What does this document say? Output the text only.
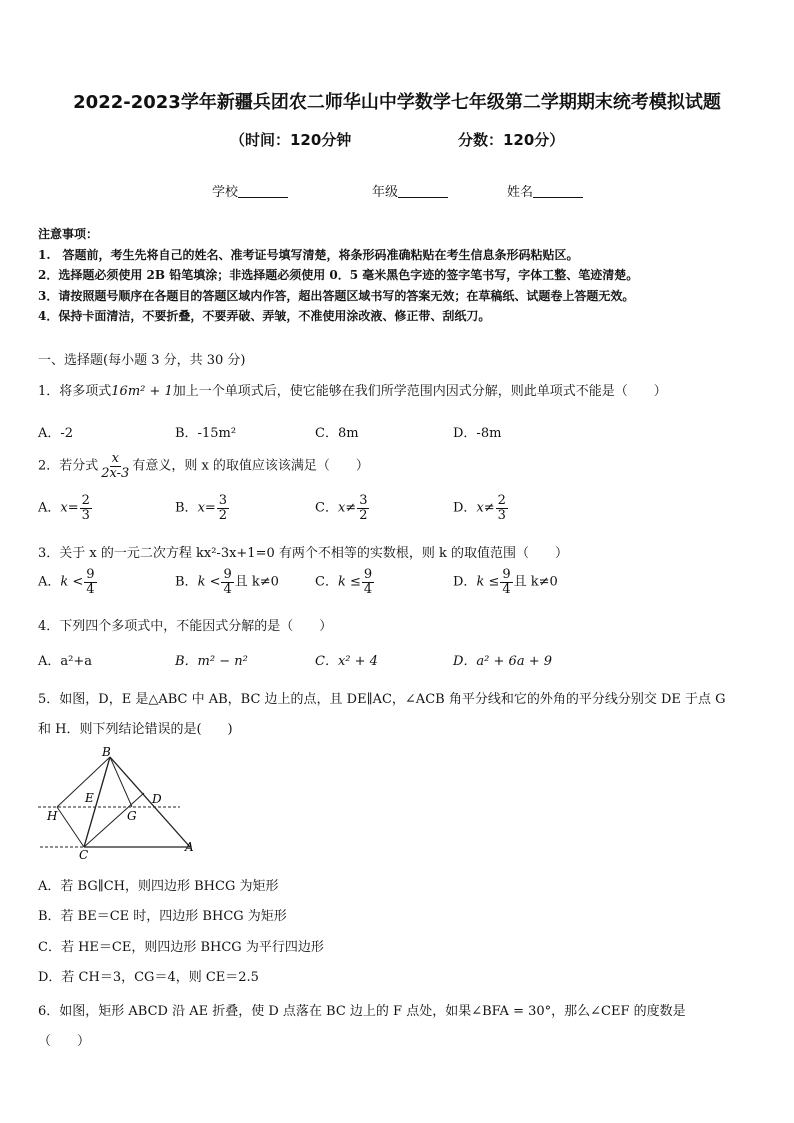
2022-2023学年新疆兵团农二师华山中学数学七年级第二学期期末统考模拟试题
（时间：120分钟	分数：120分）
学校	年级	姓名
注意事项：
1.　答题前，考生先将自己的姓名、准考证号填写清楚，将条形码准确粘贴在考生信息条形码粘贴区。
2．选择题必须使用 2B 铅笔填涂；非选择题必须使用 0．5 毫米黑色字迹的签字笔书写，字体工整、笔迹清楚。
3．请按照题号顺序在各题目的答题区域内作答，超出答题区域书写的答案无效；在草稿纸、试题卷上答题无效。
4．保持卡面清洁，不要折叠，不要弄破、弄皱，不准使用涂改液、修正带、刮纸刀。
一、选择题(每小题 3 分，共 30 分)
1．将多项式16m² + 1加上一个单项式后，使它能够在我们所学范围内因式分解，则此单项式不能是（　　）
A．-2	B．-15m²	C．8m	D．-8m
2．若分式 $\frac{x}{2x-3}$ 有意义，则 x 的取值应该该满足（　　）
A．$x= \frac{2}{3}$	B．$x= \frac{3}{2}$	C．$x\ne \frac{3}{2}$	D．$x\ne \frac{2}{3}$
3．关于 x 的一元二次方程 kx²-3x+1=0 有两个不相等的实数根，则 k 的取值范围（　　）
A．$k < \frac{9}{4}$	B．$k < \frac{9}{4}$ 且 k≠0	C．$k \le \frac{9}{4}$	D．$k \le \frac{9}{4}$ 且 k≠0
4．下列四个多项式中，不能因式分解的是（　　）
A．a²+a	B．m² − n²	C．x² + 4	D．a² + 6a + 9
5．如图，D，E 是△ABC 中 AB，BC 边上的点，且 DE∥AC，∠ACB 角平分线和它的外角的平分线分别交 DE 于点 G
和 H．则下列结论错误的是(　　)
B
E	D
H	G
C
A
A．若 BG∥CH，则四边形 BHCG 为矩形
B．若 BE＝CE 时，四边形 BHCG 为矩形
C．若 HE＝CE，则四边形 BHCG 为平行四边形
D．若 CH＝3，CG＝4，则 CE＝2.5
6．如图，矩形 ABCD 沿 AE 折叠，使 D 点落在 BC 边上的 F 点处，如果∠BFA = 30°，那么∠CEF 的度数是
（　　）
